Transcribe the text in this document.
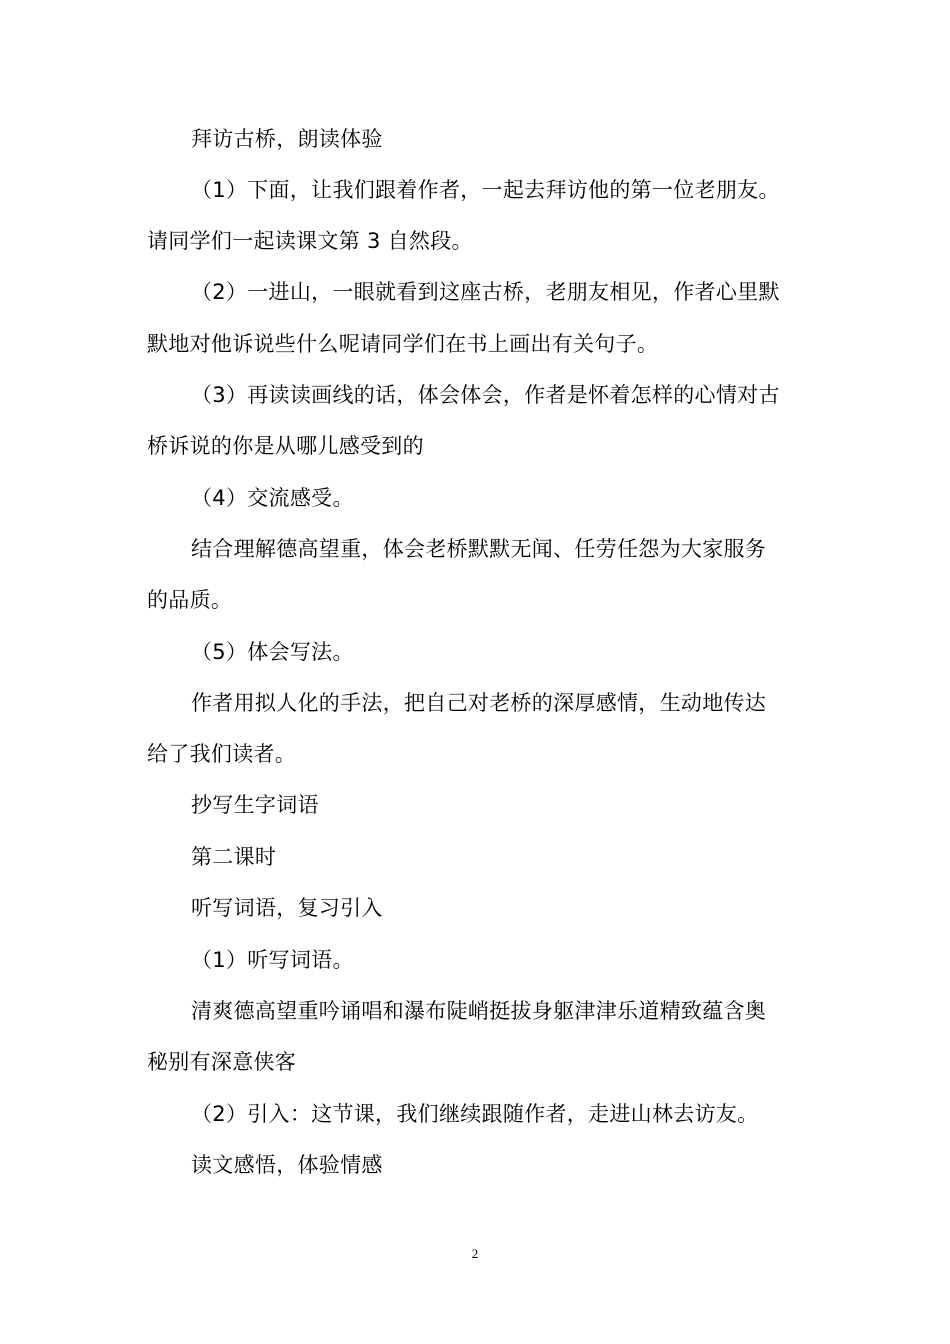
拜访古桥，朗读体验
（1）下面，让我们跟着作者，一起去拜访他的第一位老朋友。
请同学们一起读课文第 3 自然段。
（2）一进山，一眼就看到这座古桥，老朋友相见，作者心里默
默地对他诉说些什么呢请同学们在书上画出有关句子。
（3）再读读画线的话，体会体会，作者是怀着怎样的心情对古
桥诉说的你是从哪儿感受到的
（4）交流感受。
结合理解德高望重，体会老桥默默无闻、任劳任怨为大家服务
的品质。
（5）体会写法。
作者用拟人化的手法，把自己对老桥的深厚感情，生动地传达
给了我们读者。
抄写生字词语
第二课时
听写词语，复习引入
（1）听写词语。
清爽德高望重吟诵唱和瀑布陡峭挺拔身躯津津乐道精致蕴含奥
秘别有深意侠客
（2）引入：这节课，我们继续跟随作者，走进山林去访友。
读文感悟，体验情感
2
